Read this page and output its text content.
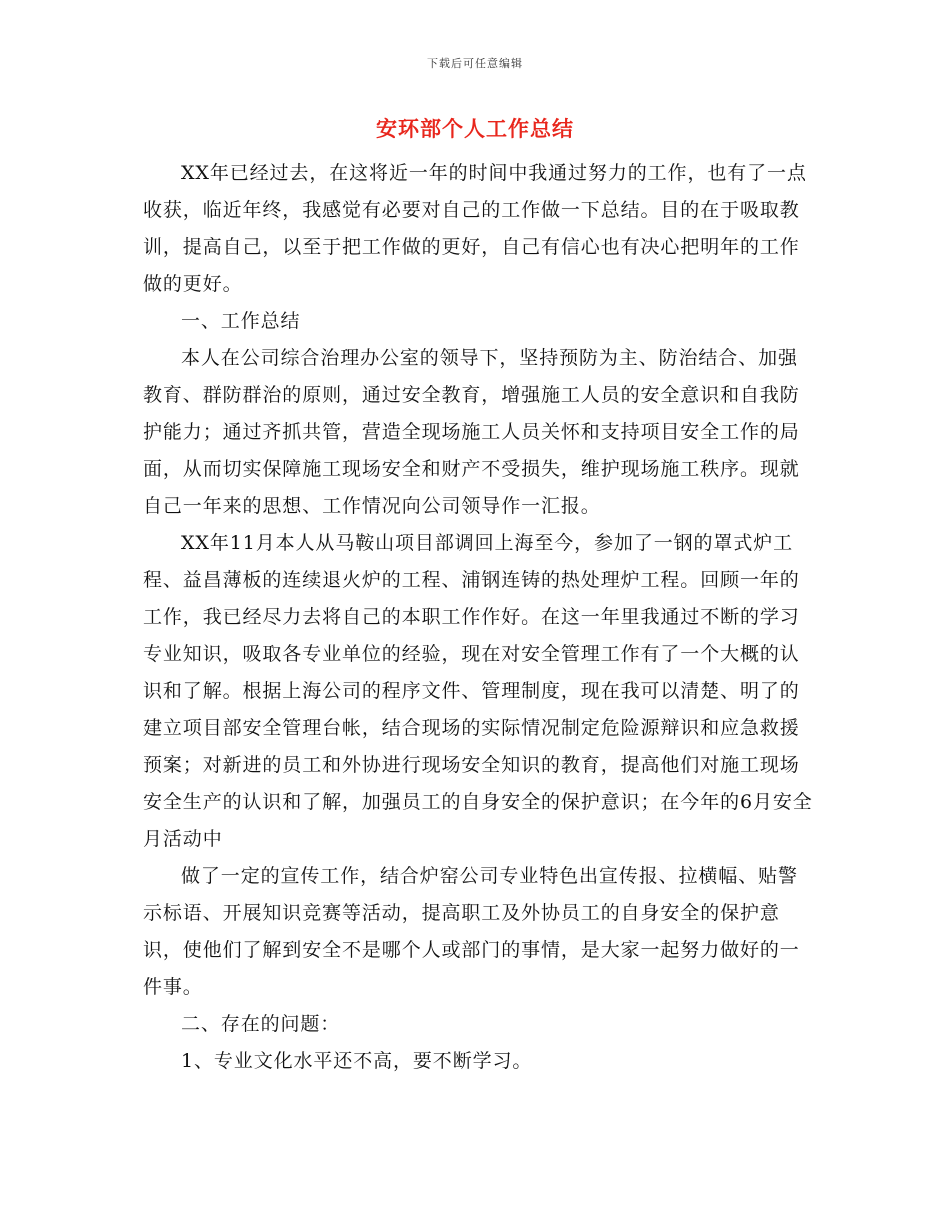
下载后可任意编辑
安环部个人工作总结

XX年已经过去，在这将近一年的时间中我通过努力的工作，也有了一点收获，临近年终，我感觉有必要对自己的工作做一下总结。目的在于吸取教训，提高自己，以至于把工作做的更好，自己有信心也有决心把明年的工作做的更好。

一、工作总结

本人在公司综合治理办公室的领导下，坚持预防为主、防治结合、加强教育、群防群治的原则，通过安全教育，增强施工人员的安全意识和自我防护能力；通过齐抓共管，营造全现场施工人员关怀和支持项目安全工作的局面，从而切实保障施工现场安全和财产不受损失，维护现场施工秩序。现就自己一年来的思想、工作情况向公司领导作一汇报。

XX年11月本人从马鞍山项目部调回上海至今，参加了一钢的罩式炉工程、益昌薄板的连续退火炉的工程、浦钢连铸的热处理炉工程。回顾一年的工作，我已经尽力去将自己的本职工作作好。在这一年里我通过不断的学习专业知识，吸取各专业单位的经验，现在对安全管理工作有了一个大概的认识和了解。根据上海公司的程序文件、管理制度，现在我可以清楚、明了的建立项目部安全管理台帐，结合现场的实际情况制定危险源辩识和应急救援预案；对新进的员工和外协进行现场安全知识的教育，提高他们对施工现场安全生产的认识和了解，加强员工的自身安全的保护意识；在今年的6月安全月活动中

做了一定的宣传工作，结合炉窑公司专业特色出宣传报、拉横幅、贴警示标语、开展知识竞赛等活动，提高职工及外协员工的自身安全的保护意识，使他们了解到安全不是哪个人或部门的事情，是大家一起努力做好的一件事。

二、存在的问题：

1、专业文化水平还不高，要不断学习。
